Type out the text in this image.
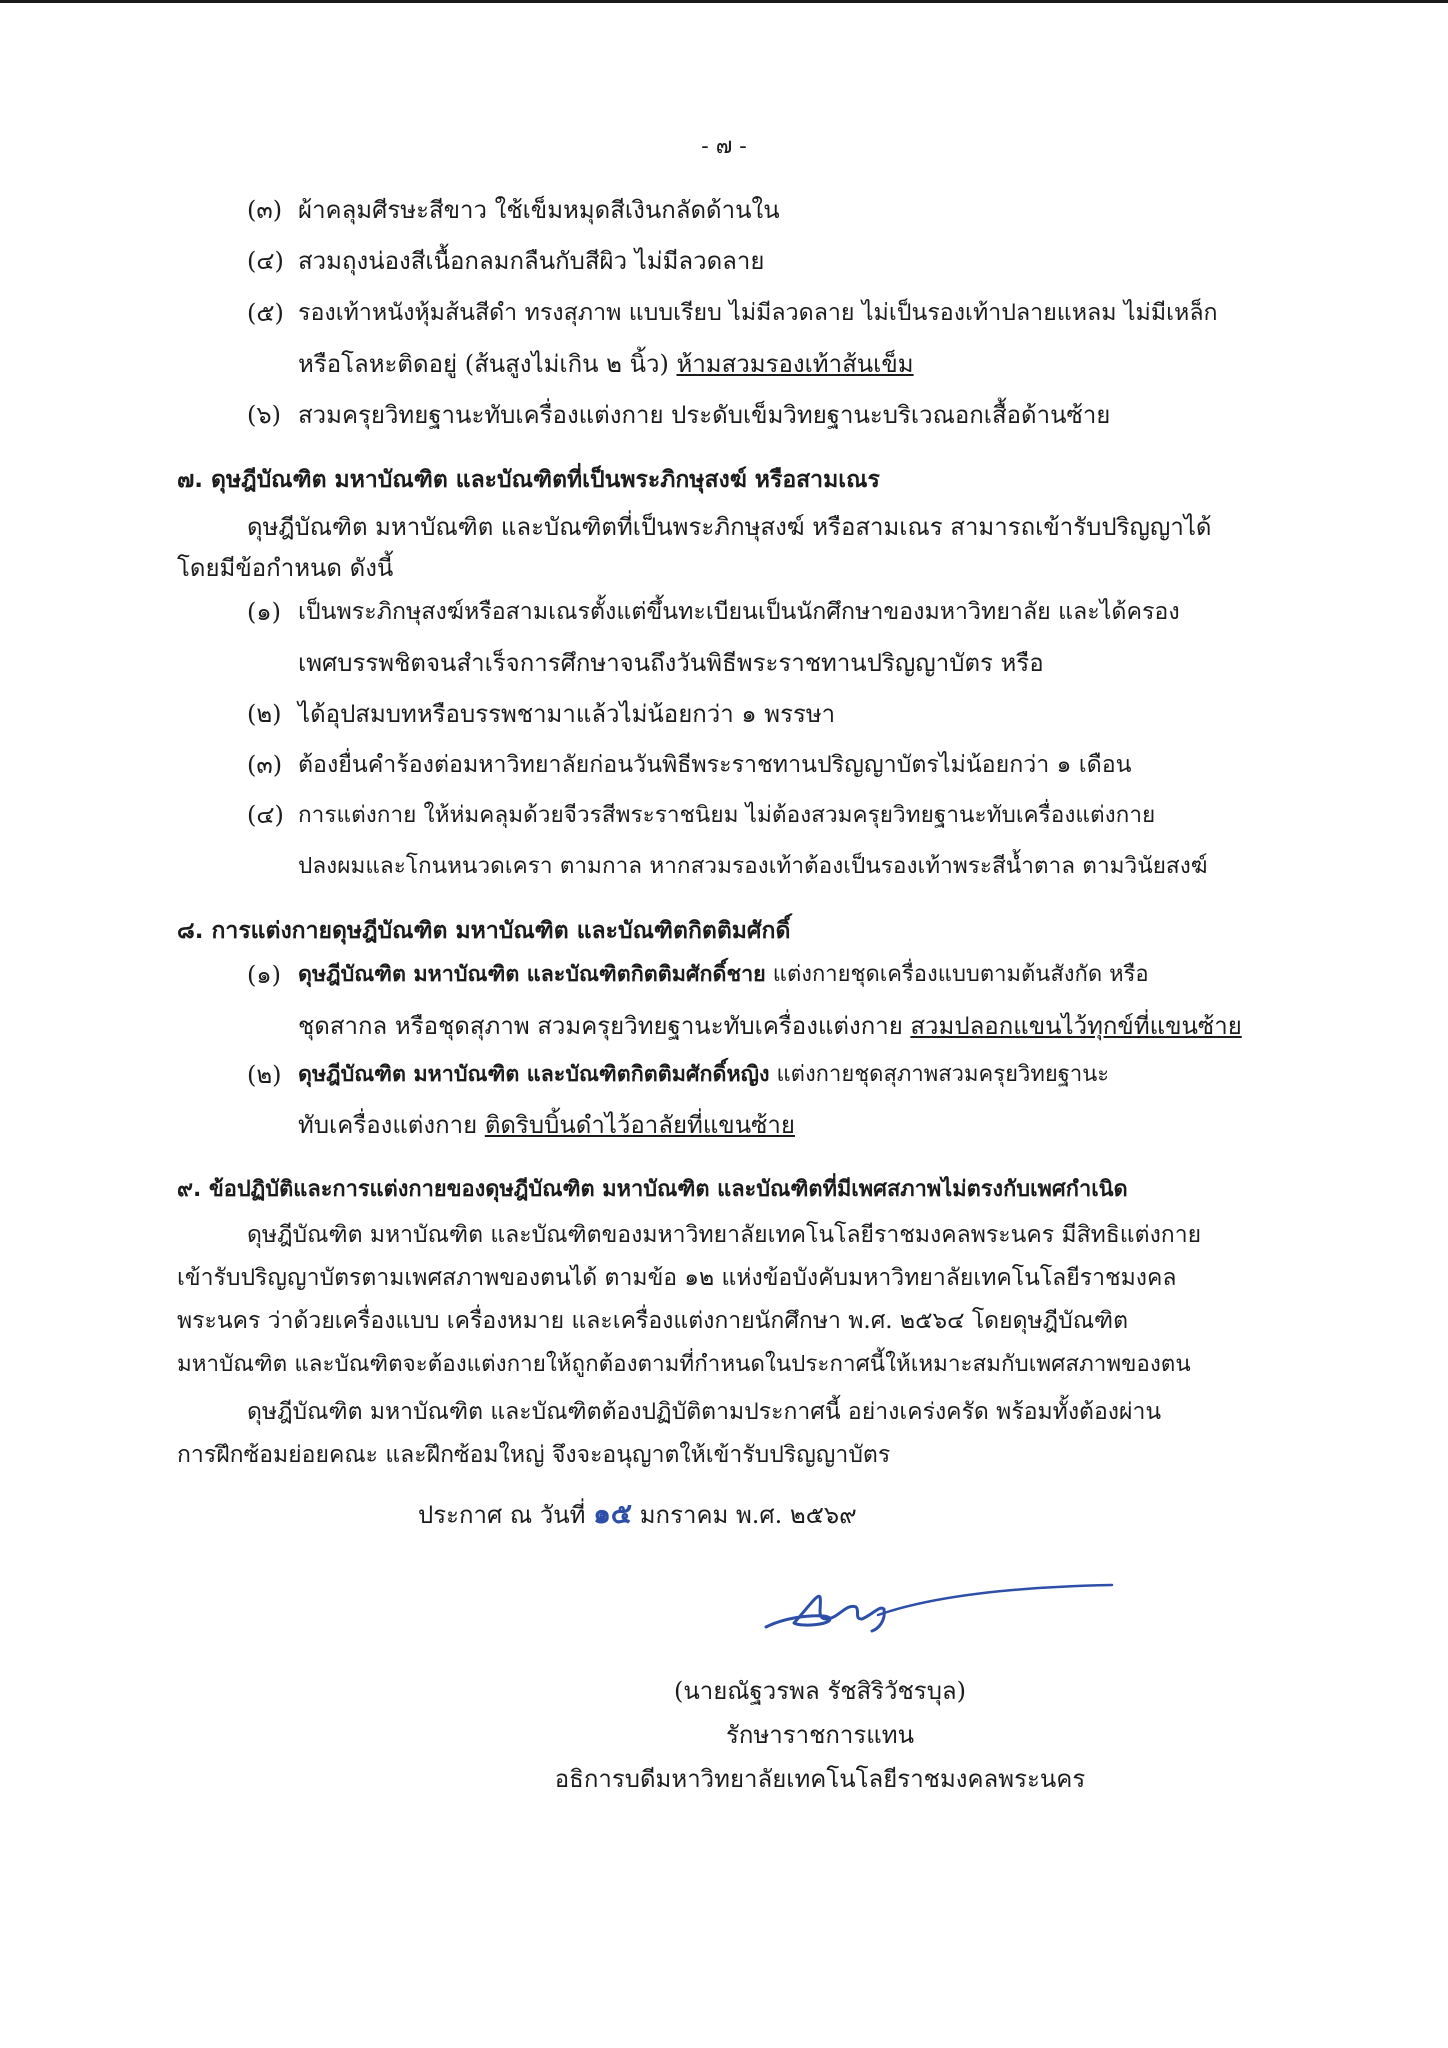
- ๗ -
(๓) ผ้าคลุมศีรษะสีขาว ใช้เข็มหมุดสีเงินกลัดด้านใน
(๔) สวมถุงน่องสีเนื้อกลมกลืนกับสีผิว ไม่มีลวดลาย
(๕) รองเท้าหนังหุ้มส้นสีดำ ทรงสุภาพ แบบเรียบ ไม่มีลวดลาย ไม่เป็นรองเท้าปลายแหลม ไม่มีเหล็ก
หรือโลหะติดอยู่ (ส้นสูงไม่เกิน ๒ นิ้ว) ห้ามสวมรองเท้าส้นเข็ม
(๖) สวมครุยวิทยฐานะทับเครื่องแต่งกาย ประดับเข็มวิทยฐานะบริเวณอกเสื้อด้านซ้าย
๗. ดุษฎีบัณฑิต มหาบัณฑิต และบัณฑิตที่เป็นพระภิกษุสงฆ์ หรือสามเณร
ดุษฎีบัณฑิต มหาบัณฑิต และบัณฑิตที่เป็นพระภิกษุสงฆ์ หรือสามเณร สามารถเข้ารับปริญญาได้
โดยมีข้อกำหนด ดังนี้
(๑) เป็นพระภิกษุสงฆ์หรือสามเณรตั้งแต่ขึ้นทะเบียนเป็นนักศึกษาของมหาวิทยาลัย และได้ครอง
เพศบรรพชิตจนสำเร็จการศึกษาจนถึงวันพิธีพระราชทานปริญญาบัตร หรือ
(๒) ได้อุปสมบทหรือบรรพชามาแล้วไม่น้อยกว่า ๑ พรรษา
(๓) ต้องยื่นคำร้องต่อมหาวิทยาลัยก่อนวันพิธีพระราชทานปริญญาบัตรไม่น้อยกว่า ๑ เดือน
(๔) การแต่งกาย ให้ห่มคลุมด้วยจีวรสีพระราชนิยม ไม่ต้องสวมครุยวิทยฐานะทับเครื่องแต่งกาย
ปลงผมและโกนหนวดเครา ตามกาล หากสวมรองเท้าต้องเป็นรองเท้าพระสีน้ำตาล ตามวินัยสงฆ์
๘. การแต่งกายดุษฎีบัณฑิต มหาบัณฑิต และบัณฑิตกิตติมศักดิ์
(๑) ดุษฎีบัณฑิต มหาบัณฑิต และบัณฑิตกิตติมศักดิ์ชาย แต่งกายชุดเครื่องแบบตามต้นสังกัด หรือ
ชุดสากล หรือชุดสุภาพ สวมครุยวิทยฐานะทับเครื่องแต่งกาย สวมปลอกแขนไว้ทุกข์ที่แขนซ้าย
(๒) ดุษฎีบัณฑิต มหาบัณฑิต และบัณฑิตกิตติมศักดิ์หญิง แต่งกายชุดสุภาพสวมครุยวิทยฐานะ
ทับเครื่องแต่งกาย ติดริบบิ้นดำไว้อาลัยที่แขนซ้าย
๙. ข้อปฏิบัติและการแต่งกายของดุษฎีบัณฑิต มหาบัณฑิต และบัณฑิตที่มีเพศสภาพไม่ตรงกับเพศกำเนิด
ดุษฎีบัณฑิต มหาบัณฑิต และบัณฑิตของมหาวิทยาลัยเทคโนโลยีราชมงคลพระนคร มีสิทธิแต่งกาย
เข้ารับปริญญาบัตรตามเพศสภาพของตนได้ ตามข้อ ๑๒ แห่งข้อบังคับมหาวิทยาลัยเทคโนโลยีราชมงคล
พระนคร ว่าด้วยเครื่องแบบ เครื่องหมาย และเครื่องแต่งกายนักศึกษา พ.ศ. ๒๕๖๔ โดยดุษฎีบัณฑิต
มหาบัณฑิต และบัณฑิตจะต้องแต่งกายให้ถูกต้องตามที่กำหนดในประกาศนี้ให้เหมาะสมกับเพศสภาพของตน
ดุษฎีบัณฑิต มหาบัณฑิต และบัณฑิตต้องปฏิบัติตามประกาศนี้ อย่างเคร่งครัด พร้อมทั้งต้องผ่าน
การฝึกซ้อมย่อยคณะ และฝึกซ้อมใหญ่ จึงจะอนุญาตให้เข้ารับปริญญาบัตร
ประกาศ ณ วันที่ ๑๕ มกราคม พ.ศ. ๒๕๖๙
(นายณัฐวรพล รัชสิริวัชรบุล)
รักษาราชการแทน
อธิการบดีมหาวิทยาลัยเทคโนโลยีราชมงคลพระนคร
